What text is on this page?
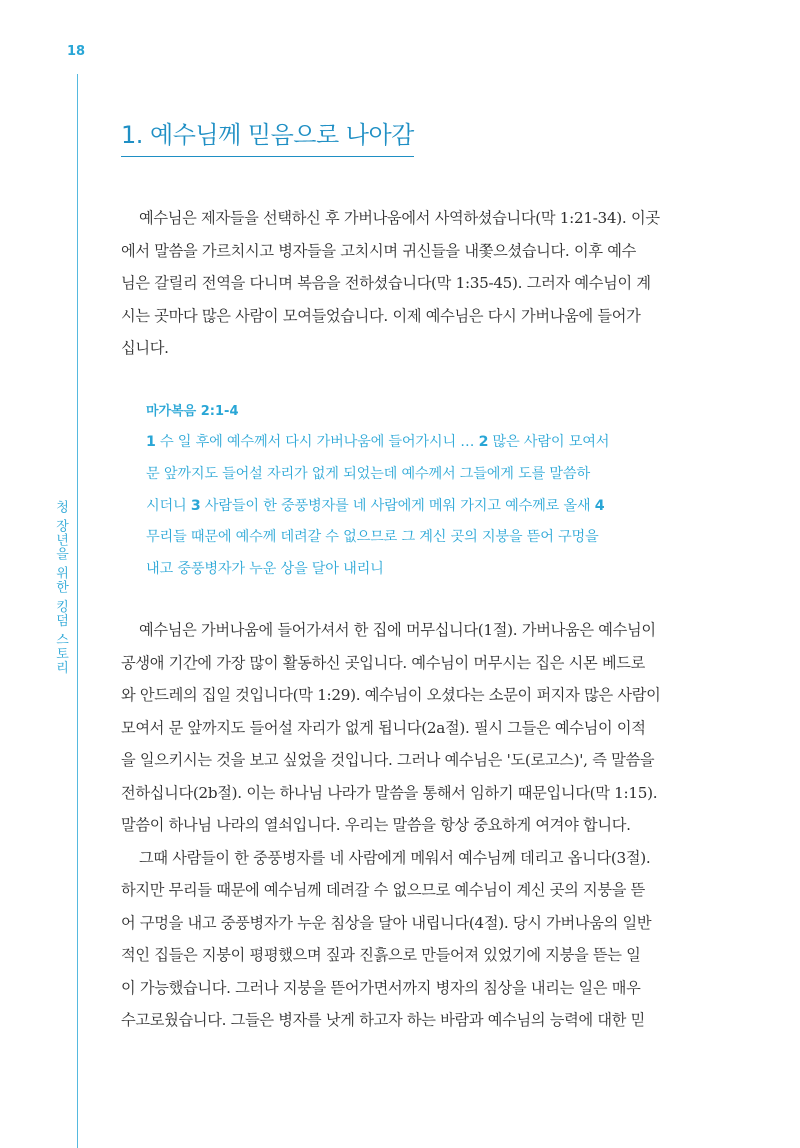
18
청 장년을 위한 킹덤 스토리
1. 예수님께 믿음으로 나아감
예수님은 제자들을 선택하신 후 가버나움에서 사역하셨습니다(막 1:21-34). 이곳
에서 말씀을 가르치시고 병자들을 고치시며 귀신들을 내쫓으셨습니다. 이후 예수
님은 갈릴리 전역을 다니며 복음을 전하셨습니다(막 1:35-45). 그러자 예수님이 계
시는 곳마다 많은 사람이 모여들었습니다. 이제 예수님은 다시 가버나움에 들어가
십니다.
마가복음 2:1-4
1 수 일 후에 예수께서 다시 가버나움에 들어가시니 … 2 많은 사람이 모여서
문 앞까지도 들어설 자리가 없게 되었는데 예수께서 그들에게 도를 말씀하
시더니 3 사람들이 한 중풍병자를 네 사람에게 메워 가지고 예수께로 올새 4
무리들 때문에 예수께 데려갈 수 없으므로 그 계신 곳의 지붕을 뜯어 구멍을
내고 중풍병자가 누운 상을 달아 내리니
예수님은 가버나움에 들어가셔서 한 집에 머무십니다(1절). 가버나움은 예수님이
공생애 기간에 가장 많이 활동하신 곳입니다. 예수님이 머무시는 집은 시몬 베드로
와 안드레의 집일 것입니다(막 1:29). 예수님이 오셨다는 소문이 퍼지자 많은 사람이
모여서 문 앞까지도 들어설 자리가 없게 됩니다(2a절). 필시 그들은 예수님이 이적
을 일으키시는 것을 보고 싶었을 것입니다. 그러나 예수님은 '도(로고스)', 즉 말씀을
전하십니다(2b절). 이는 하나님 나라가 말씀을 통해서 임하기 때문입니다(막 1:15).
말씀이 하나님 나라의 열쇠입니다. 우리는 말씀을 항상 중요하게 여겨야 합니다.
그때 사람들이 한 중풍병자를 네 사람에게 메워서 예수님께 데리고 옵니다(3절).
하지만 무리들 때문에 예수님께 데려갈 수 없으므로 예수님이 계신 곳의 지붕을 뜯
어 구멍을 내고 중풍병자가 누운 침상을 달아 내립니다(4절). 당시 가버나움의 일반
적인 집들은 지붕이 평평했으며 짚과 진흙으로 만들어져 있었기에 지붕을 뜯는 일
이 가능했습니다. 그러나 지붕을 뜯어가면서까지 병자의 침상을 내리는 일은 매우
수고로웠습니다. 그들은 병자를 낫게 하고자 하는 바람과 예수님의 능력에 대한 믿
